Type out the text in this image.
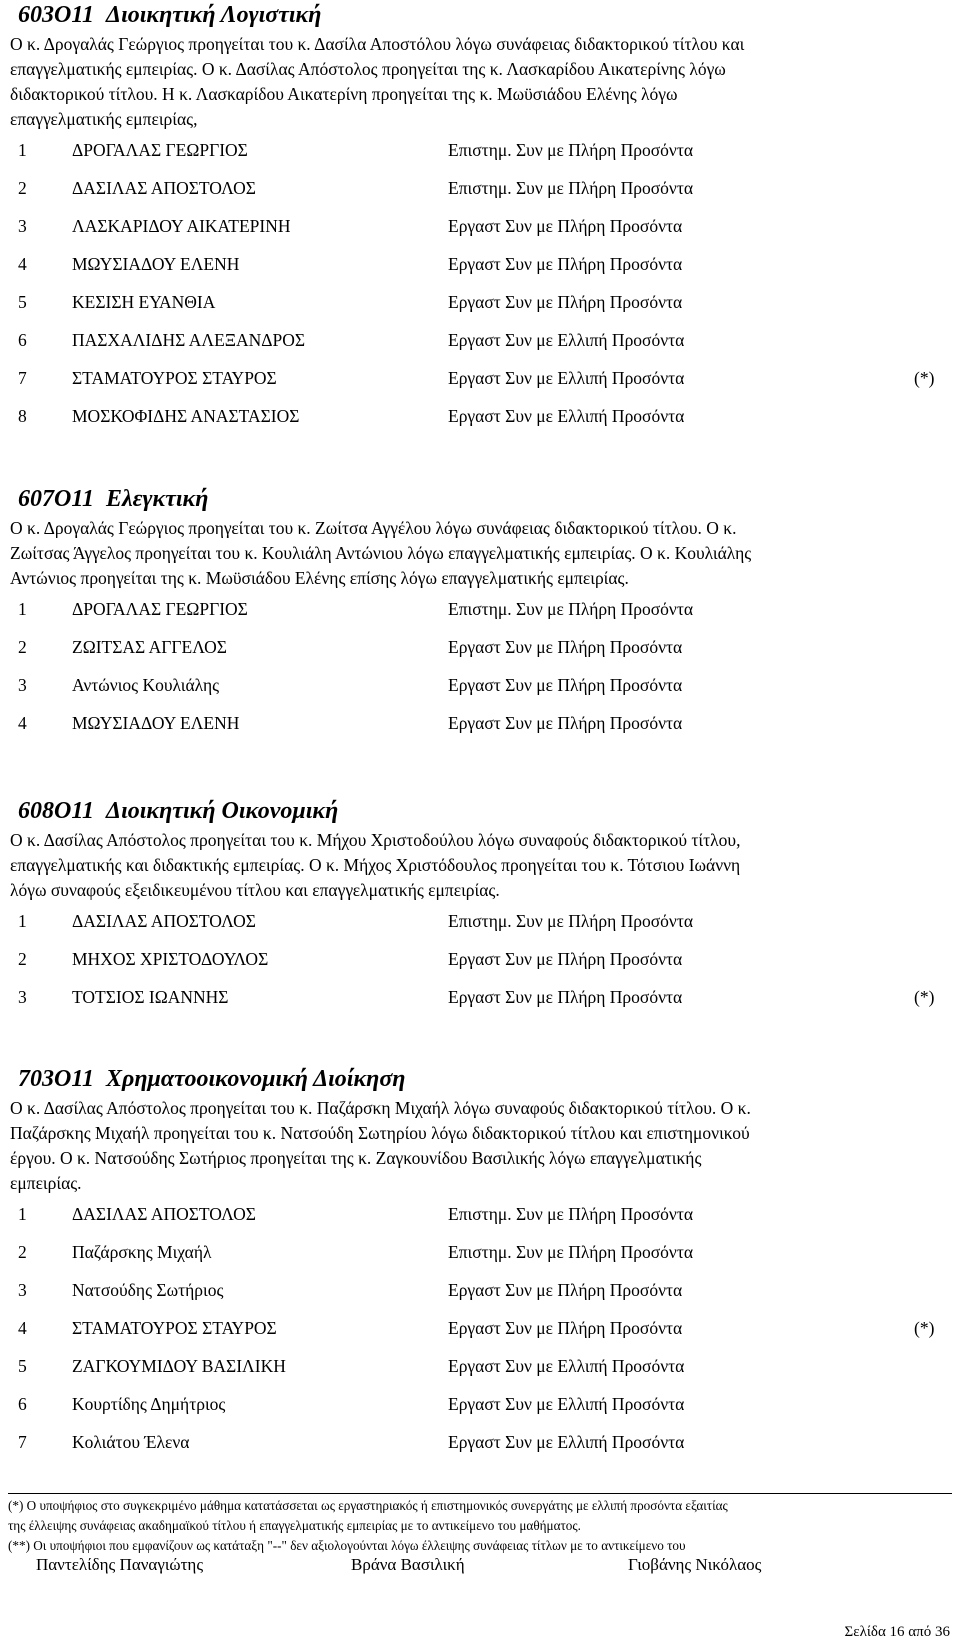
603Ο11 Διοικητική Λογιστική

Ο κ. Δρογαλάς Γεώργιος προηγείται του κ. Δασίλα Αποστόλου λόγω συνάφειας διδακτορικού τίτλου και

επαγγελματικής εμπειρίας. Ο κ. Δασίλας Απόστολος προηγείται της κ. Λασκαρίδου Αικατερίνης λόγω

διδακτορικού τίτλου. Η κ. Λασκαρίδου Αικατερίνη προηγείται της κ. Μωϋσιάδου Ελένης λόγω

επαγγελματικής εμπειρίας,

1	ΔΡΟΓΑΛΑΣ ΓΕΩΡΓΙΟΣ	Επιστημ. Συν με Πλήρη Προσόντα
2	ΔΑΣΙΛΑΣ ΑΠΟΣΤΟΛΟΣ	Επιστημ. Συν με Πλήρη Προσόντα
3	ΛΑΣΚΑΡΙΔΟΥ ΑΙΚΑΤΕΡΙΝΗ	Εργαστ Συν με Πλήρη Προσόντα
4	ΜΩΥΣΙΑΔΟΥ ΕΛΕΝΗ	Εργαστ Συν με Πλήρη Προσόντα
5	ΚΕΣΙΣΗ ΕΥΑΝΘΙΑ	Εργαστ Συν με Πλήρη Προσόντα
6	ΠΑΣΧΑΛΙΔΗΣ ΑΛΕΞΑΝΔΡΟΣ	Εργαστ Συν με Ελλιπή Προσόντα
7	ΣΤΑΜΑΤΟΥΡΟΣ ΣΤΑΥΡΟΣ	Εργαστ Συν με Ελλιπή Προσόντα	(*)
8	ΜΟΣΚΟΦΙΔΗΣ ΑΝΑΣΤΑΣΙΟΣ	Εργαστ Συν με Ελλιπή Προσόντα
607Ο11 Ελεγκτική

Ο κ. Δρογαλάς Γεώργιος προηγείται του κ. Ζωίτσα Αγγέλου λόγω συνάφειας διδακτορικού τίτλου. Ο κ.

Ζωίτσας Άγγελος προηγείται του κ. Κουλιάλη Αντώνιου λόγω επαγγελματικής εμπειρίας. Ο κ. Κουλιάλης

Αντώνιος προηγείται της κ. Μωϋσιάδου Ελένης επίσης λόγω επαγγελματικής εμπειρίας.

1	ΔΡΟΓΑΛΑΣ ΓΕΩΡΓΙΟΣ	Επιστημ. Συν με Πλήρη Προσόντα
2	ΖΩΙΤΣΑΣ ΑΓΓΕΛΟΣ	Εργαστ Συν με Πλήρη Προσόντα
3	Αντώνιος Κουλιάλης	Εργαστ Συν με Πλήρη Προσόντα
4	ΜΩΥΣΙΑΔΟΥ ΕΛΕΝΗ	Εργαστ Συν με Πλήρη Προσόντα
608Ο11 Διοικητική Οικονομική

Ο κ. Δασίλας Απόστολος προηγείται του κ. Μήχου Χριστοδούλου λόγω συναφούς διδακτορικού τίτλου,

επαγγελματικής και διδακτικής εμπειρίας. Ο κ. Μήχος Χριστόδουλος προηγείται του κ. Τότσιου Ιωάννη

λόγω συναφούς εξειδικευμένου τίτλου και επαγγελματικής εμπειρίας.

1	ΔΑΣΙΛΑΣ ΑΠΟΣΤΟΛΟΣ	Επιστημ. Συν με Πλήρη Προσόντα
2	ΜΗΧΟΣ ΧΡΙΣΤΟΔΟΥΛΟΣ	Εργαστ Συν με Πλήρη Προσόντα
3	ΤΟΤΣΙΟΣ ΙΩΑΝΝΗΣ	Εργαστ Συν με Πλήρη Προσόντα	(*)
703Ο11 Χρηματοοικονομική Διοίκηση

Ο κ. Δασίλας Απόστολος προηγείται του κ. Παζάρσκη Μιχαήλ λόγω συναφούς διδακτορικού τίτλου. Ο κ.

Παζάρσκης Μιχαήλ προηγείται του κ. Νατσούδη Σωτηρίου λόγω διδακτορικού τίτλου και επιστημονικού

έργου. Ο κ. Νατσούδης Σωτήριος προηγείται της κ. Ζαγκουνίδου Βασιλικής λόγω επαγγελματικής

εμπειρίας.

1	ΔΑΣΙΛΑΣ ΑΠΟΣΤΟΛΟΣ	Επιστημ. Συν με Πλήρη Προσόντα
2	Παζάρσκης Μιχαήλ	Επιστημ. Συν με Πλήρη Προσόντα
3	Νατσούδης Σωτήριος	Εργαστ Συν με Πλήρη Προσόντα
4	ΣΤΑΜΑΤΟΥΡΟΣ ΣΤΑΥΡΟΣ	Εργαστ Συν με Πλήρη Προσόντα	(*)
5	ΖΑΓΚΟΥΜΙΔΟΥ ΒΑΣΙΛΙΚΗ	Εργαστ Συν με Ελλιπή Προσόντα
6	Κουρτίδης Δημήτριος	Εργαστ Συν με Ελλιπή Προσόντα
7	Κολιάτου Έλενα	Εργαστ Συν με Ελλιπή Προσόντα

(*) Ο υποψήφιος στο συγκεκριμένο μάθημα κατατάσσεται ως εργαστηριακός ή επιστημονικός συνεργάτης με ελλιπή προσόντα εξαιτίας

της έλλειψης συνάφειας ακαδημαϊκού τίτλου ή επαγγελματικής εμπειρίας με το αντικείμενο του μαθήματος.

(**) Οι υποψήφιοι που εμφανίζουν ως κατάταξη "--" δεν αξιολογούνται λόγω έλλειψης συνάφειας τίτλων με το αντικείμενο του

Παντελίδης Παναγιώτης	Βράνα Βασιλική	Γιοβάνης Νικόλαος
Σελίδα 16 από 36
